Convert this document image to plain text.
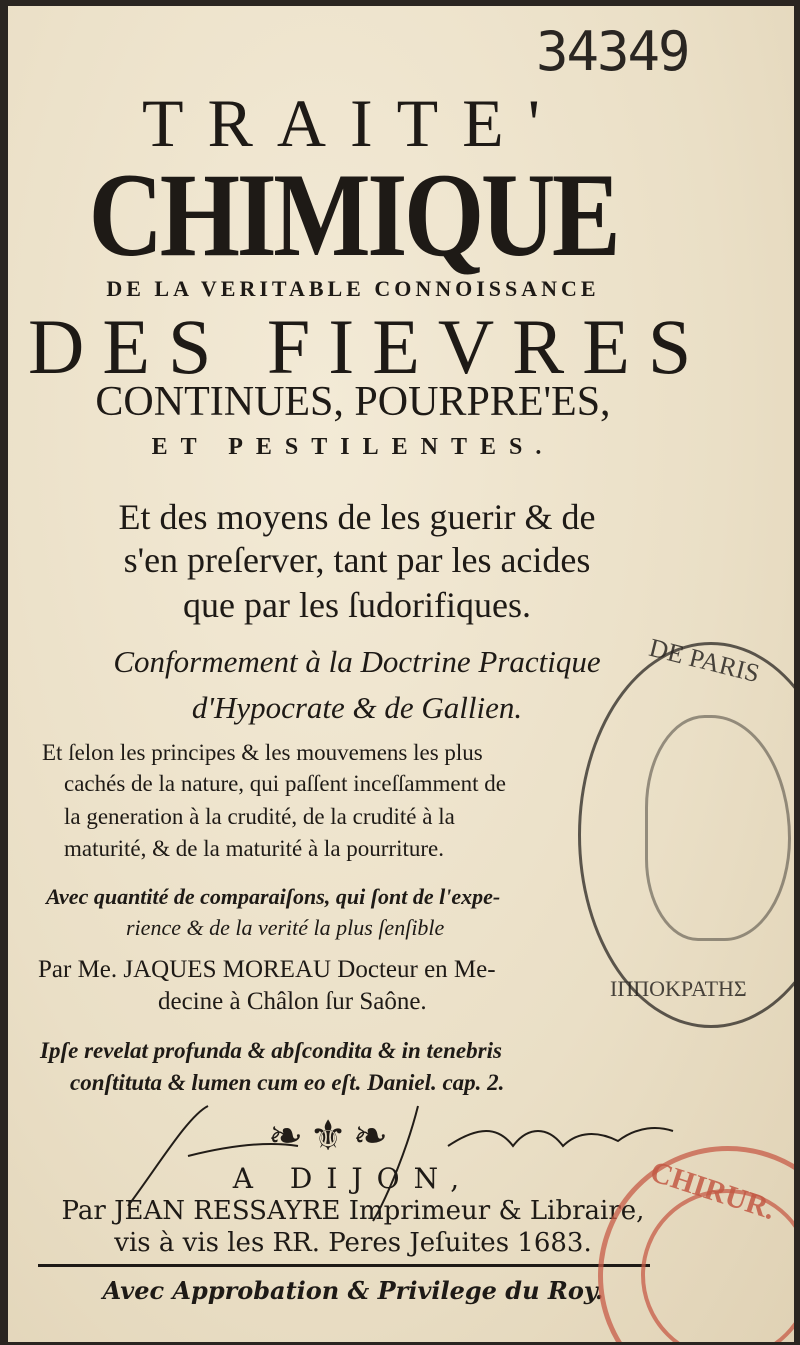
34349
TRAITE'
CHIMIQUE
DE LA VERITABLE CONNOISSANCE
DES FIEVRES
CONTINUES, POURPRE'ES,
ET PESTILENTES.
Et des moyens de les guerir & de
s'en preſerver, tant par les acides
que par les ſudorifiques.
Conformement à la Doctrine Practique
d'Hypocrate & de Gallien.
Et ſelon les principes & les mouvemens les plus
cachés de la nature, qui paſſent inceſſamment de
la generation à la crudité, de la crudité à la
maturité, & de la maturité à la pourriture.
Avec quantité de comparaiſons, qui ſont de l'expe-
rience & de la verité la plus ſenſible
Par Me. JAQUES MOREAU Docteur en Me-
decine à Châlon ſur Saône.
Ipſe revelat profunda & abſcondita & in tenebris
conſtituta & lumen cum eo eſt. Daniel. cap. 2.
❧⚜❧
A DIJON,
Par JEAN RESSAYRE Imprimeur & Libraire,
vis à vis les RR. Peres Jeſuites 1683.
Avec Approbation & Privilege du Roy.
DE PARIS
ΙΠΠΟΚΡΑΤΗΣ
CHIRUR.
